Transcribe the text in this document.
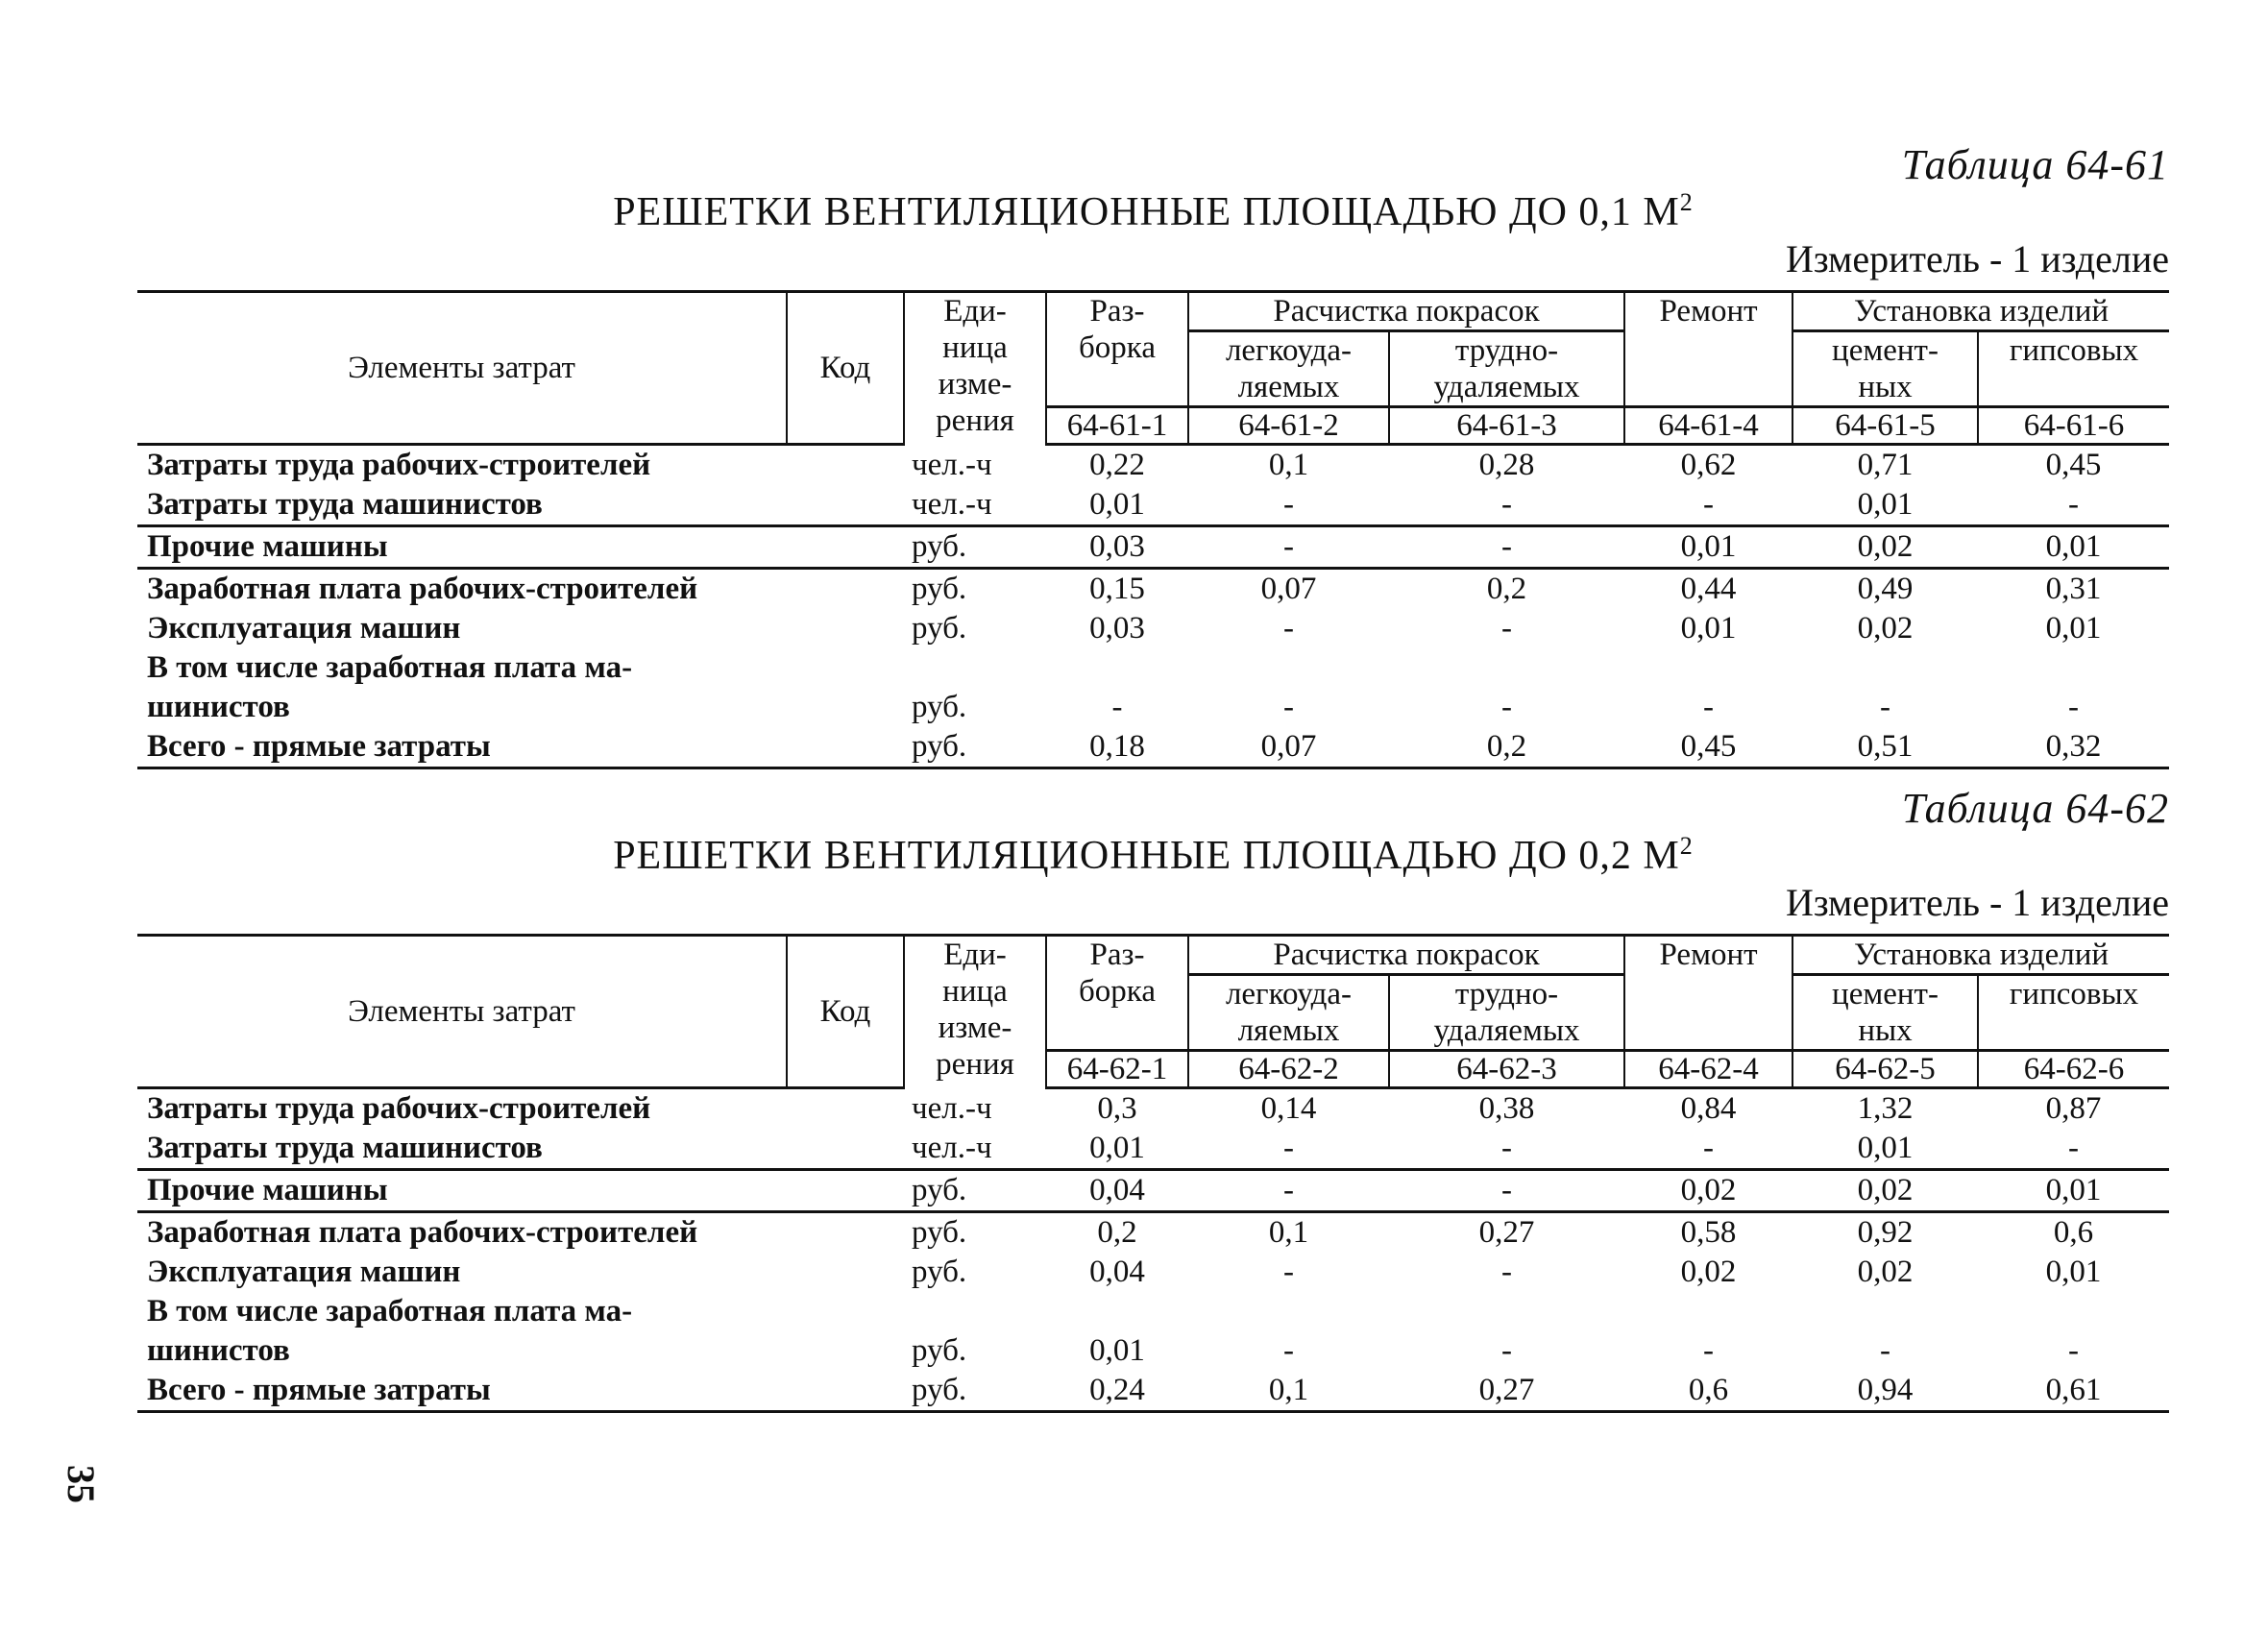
Таблица 64-61
РЕШЕТКИ ВЕНТИЛЯЦИОННЫЕ ПЛОЩАДЬЮ ДО 0,1 $М^2$
Измеритель - 1 изделие
Элементы затрат	Код	Еди- ница изме- рения	Раз- борка	Расчистка покрасок		Ремонт	Установка изделий	
				легкоуда- ляемых	трудно- удаляемых		цемент- ных	гипсовых
			64-61-1	64-61-2	64-61-3	64-61-4	64-61-5	64-61-6
Затраты труда рабочих-строителей		чел.-ч	0,22	0,1	0,28	0,62	0,71	0,45
Затраты труда машинистов		чел.-ч	0,01	-	-	-	0,01	-
Прочие машины		руб.	0,03	-	-	0,01	0,02	0,01
Заработная плата рабочих-строителей		руб.	0,15	0,07	0,2	0,44	0,49	0,31
Эксплуатация машин		руб.	0,03	-	-	0,01	0,02	0,01
В том числе заработная плата ма- шинистов		руб.	-	-	-	-	-	-
Всего - прямые затраты		руб.	0,18	0,07	0,2	0,45	0,51	0,32
Таблица 64-62
РЕШЕТКИ ВЕНТИЛЯЦИОННЫЕ ПЛОЩАДЬЮ ДО 0,2 $М^2$
Измеритель - 1 изделие
Элементы затрат	Код	Еди- ница изме- рения	Раз- борка	Расчистка покрасок		Ремонт	Установка изделий	
				легкоуда- ляемых	трудно- удаляемых		цемент- ных	гипсовых
			64-62-1	64-62-2	64-62-3	64-62-4	64-62-5	64-62-6
Затраты труда рабочих-строителей		чел.-ч	0,3	0,14	0,38	0,84	1,32	0,87
Затраты труда машинистов		чел.-ч	0,01	-	-	-	0,01	-
Прочие машины		руб.	0,04	-	-	0,02	0,02	0,01
Заработная плата рабочих-строителей		руб.	0,2	0,1	0,27	0,58	0,92	0,6
Эксплуатация машин		руб.	0,04	-	-	0,02	0,02	0,01
В том числе заработная плата ма- шинистов		руб.	0,01	-	-	-	-	-
Всего - прямые затраты		руб.	0,24	0,1	0,27	0,6	0,94	0,61
35
